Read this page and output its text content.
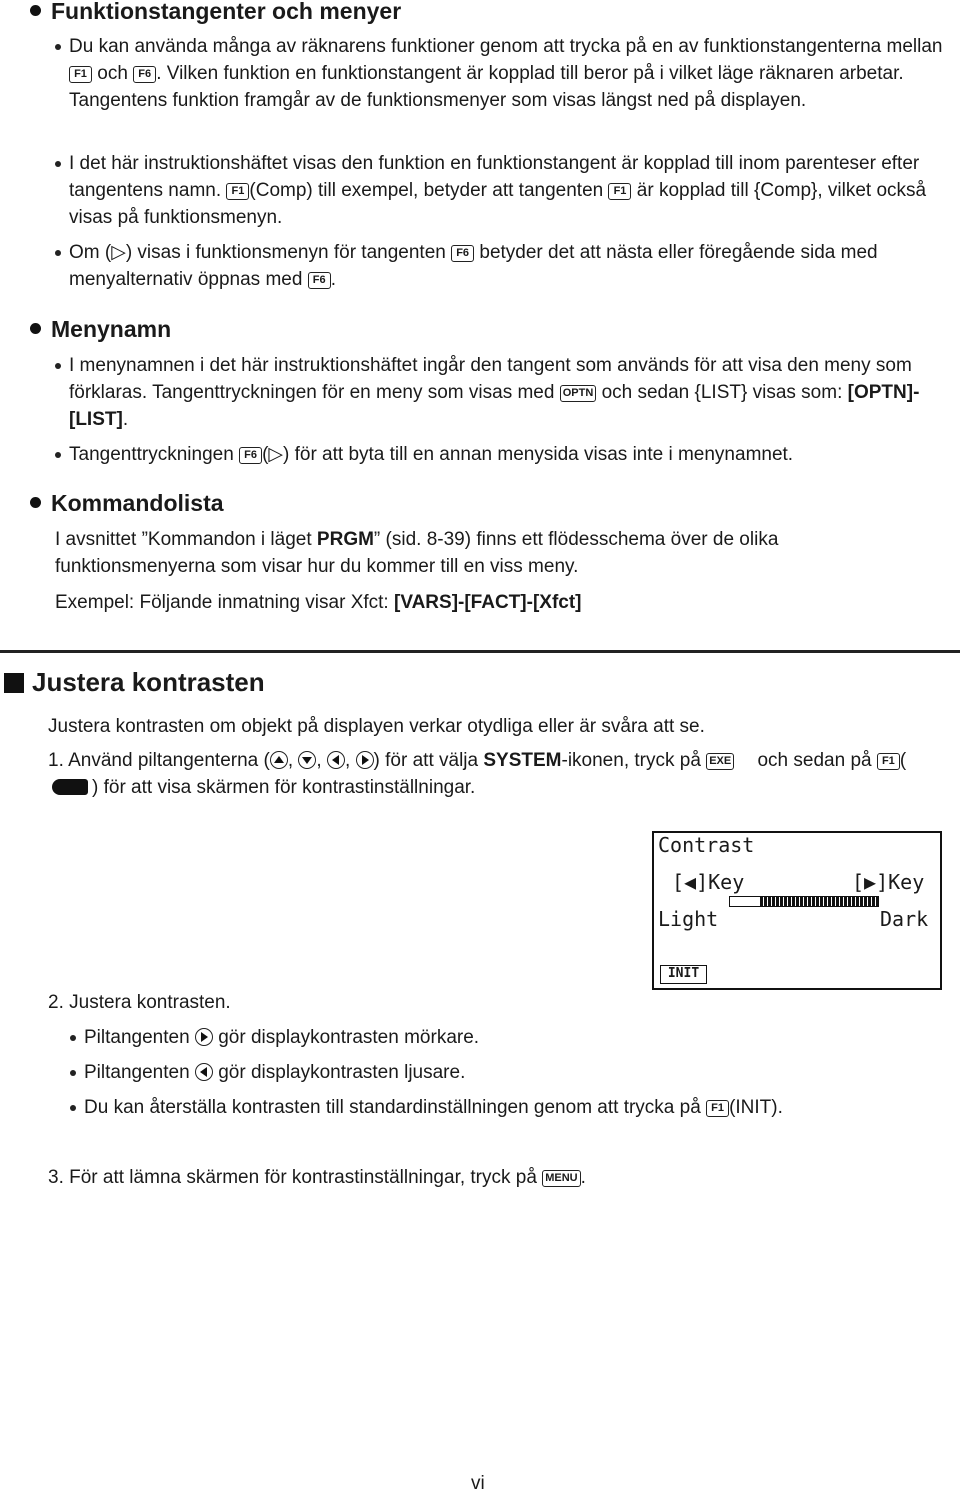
Funktionstangenter och menyer
Du kan använda många av räknarens funktioner genom att trycka på en av funktionstangenterna mellan F1 och F6 . Vilken funktion en funktionstangent är kopplad till beror på i vilket läge räknaren arbetar. Tangentens funktion framgår av de funktionsmenyer som visas längst ned på displayen.
I det här instruktionshäftet visas den funktion en funktionstangent är kopplad till inom parenteser efter tangentens namn. F1 (Comp) till exempel, betyder att tangenten F1 är kopplad till {Comp}, vilket också visas på funktionsmenyn.
Om (▷) visas i funktionsmenyn för tangenten F6 betyder det att nästa eller föregående sida med menyalternativ öppnas med F6 .
Menynamn
I menynamnen i det här instruktionshäftet ingår den tangent som används för att visa den meny som förklaras. Tangenttryckningen för en meny som visas med OPTN och sedan {LIST} visas som: [OPTN]-[LIST].
Tangenttryckningen F6 (▷) för att byta till en annan menysida visas inte i menynamnet.
Kommandolista
I avsnittet ”Kommandon i läget PRGM” (sid. 8-39) finns ett flödesschema över de olika funktionsmenyerna som visar hur du kommer till en viss meny.
Exempel: Följande inmatning visar Xfct: [VARS]-[FACT]-[Xfct]
Justera kontrasten
Justera kontrasten om objekt på displayen verkar otydliga eller är svåra att se.
1. Använd piltangenterna ( ,
,
,
) för att välja SYSTEM-ikonen, tryck på EXE och sedan på F1 () för att visa skärmen för kontrastinställningar.
Contrast
[◀]Key	[▶]Key
Light	Dark
INIT
2. Justera kontrasten.
Piltangenten gör displaykontrasten mörkare.
Piltangenten gör displaykontrasten ljusare.
Du kan återställa kontrasten till standardinställningen genom att trycka på F1 (INIT).
3. För att lämna skärmen för kontrastinställningar, tryck på MENU .
vi
